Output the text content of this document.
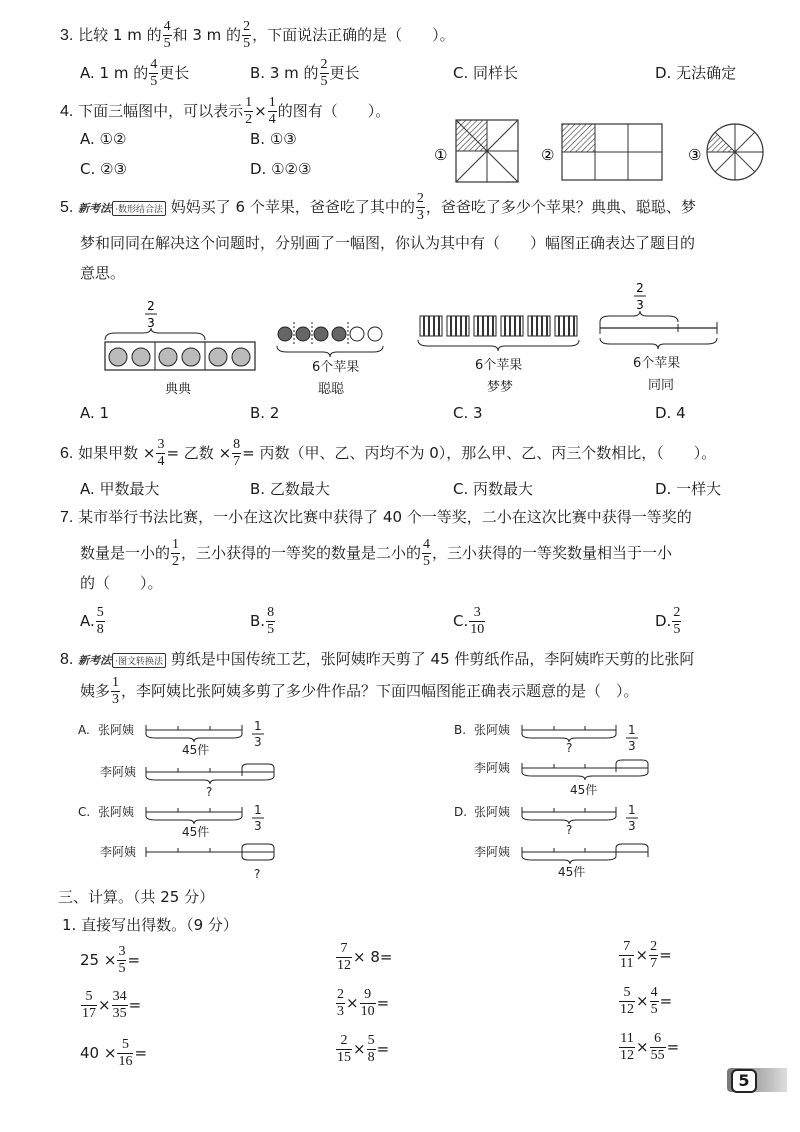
3. 比较 1 m 的 $\frac{4}{5}$ 和 3 m 的 $\frac{2}{5}$ ，下面说法正确的是（　　）。
A. 1 m 的 $\frac{4}{5}$ 更长	B. 3 m 的 $\frac{2}{5}$ 更长	C. 同样长	D. 无法确定
4. 下面三幅图中，可以表示 $\frac{1}{2} \times \frac{1}{4}$ 的图有（　　）。
A. ①②	B. ①③
C. ②③	D. ①②③
①	②	③
5. 新考法 ·数形结合法 妈妈买了 6 个苹果，爸爸吃了其中的 $\frac{2}{3}$ ，爸爸吃了多少个苹果？典典、聪聪、梦
梦和同同在解决这个问题时，分别画了一幅图，你认为其中有（　　）幅图正确表达了题目的
意思。
2
3
2
3
6个苹果	6个苹果	6个苹果
典典	聪聪	梦梦	同同
A. 1	B. 2	C. 3	D. 4
6. 如果甲数 × $\frac{3}{4}$ = 乙数 × $\frac{8}{7}$ = 丙数（甲、乙、丙均不为 0），那么甲、乙、丙三个数相比，（　　）。
A. 甲数最大	B. 乙数最大	C. 丙数最大	D. 一样大
7. 某市举行书法比赛，一小在这次比赛中获得了 40 个一等奖，二小在这次比赛中获得一等奖的
数量是一小的 $\frac{1}{2}$ ，三小获得的一等奖的数量是二小的 $\frac{4}{5}$ ，三小获得的一等奖数量相当于一小
的（　　）。
A. $\frac{5}{8}$	B. $\frac{8}{5}$	C. $\frac{3}{10}$	D. $\frac{2}{5}$
8. 新考法 ·图文转换法 剪纸是中国传统工艺，张阿姨昨天剪了 45 件剪纸作品，李阿姨昨天剪的比张阿
姨多 $\frac{1}{3}$ ，李阿姨比张阿姨多剪了多少件作品？下面四幅图能正确表示题意的是（　）。
A. 张阿姨
李阿姨
45件
1
3
?
B. 张阿姨
李阿姨
?
1
3
45件
C. 张阿姨
李阿姨
45件
1
3
?
D. 张阿姨
李阿姨
?
1
3
45件
三、计算。（共 25 分）
1. 直接写出得数。（9 分）
$25 \times \frac{3}{5}$ =	$\frac{7}{12} \times 8=$	$\frac{7}{11} \times \frac{2}{7}$ =
$\frac{5}{17} \times \frac{34}{35}$ =	$\frac{2}{3} \times \frac{9}{10}$ =	$\frac{5}{12} \times \frac{4}{5}$ =
$40 \times \frac{5}{16}$ =	$\frac{2}{15} \times \frac{5}{8}$ =	$\frac{11}{12} \times \frac{6}{55}$ =
5
